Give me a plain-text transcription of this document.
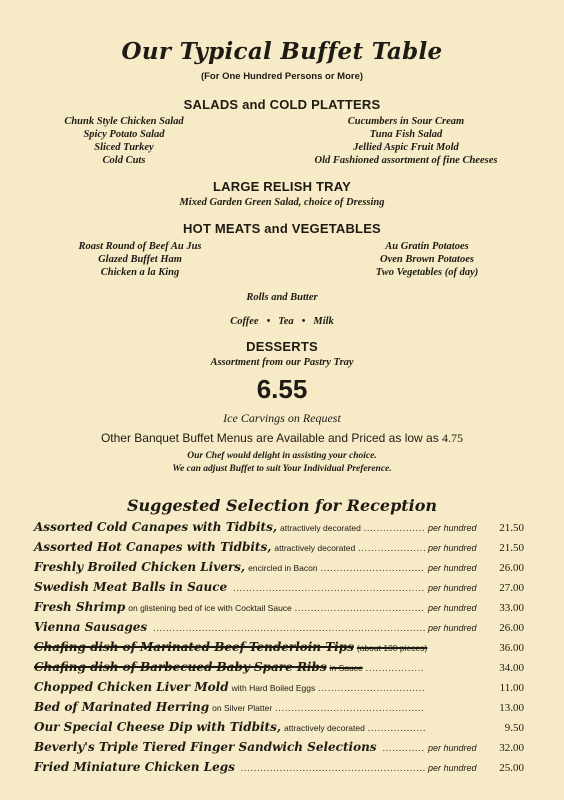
Our Typical Buffet Table
(For One Hundred Persons or More)
SALADS and COLD PLATTERS
Chunk Style Chicken Salad
Spicy Potato Salad
Sliced Turkey
Cold Cuts
Cucumbers in Sour Cream
Tuna Fish Salad
Jellied Aspic Fruit Mold
Old Fashioned assortment of fine Cheeses
LARGE RELISH TRAY
Mixed Garden Green Salad, choice of Dressing
HOT MEATS and VEGETABLES
Roast Round of Beef Au Jus
Glazed Buffet Ham
Chicken a la King
Au Gratin Potatoes
Oven Brown Potatoes
Two Vegetables (of day)
Rolls and Butter
Coffee • Tea • Milk
DESSERTS
Assortment from our Pastry Tray
6.55
Ice Carvings on Request
Other Banquet Buffet Menus are Available and Priced as low as 4.75
Our Chef would delight in assisting your choice.
We can adjust Buffet to suit Your Individual Preference.
Suggested Selection for Reception
Assorted Cold Canapes with Tidbits, attractively decorated .....	per hundred	21.50
Assorted Hot Canapes with Tidbits, attractively decorated .....	per hundred	21.50
Freshly Broiled Chicken Livers, encircled in Bacon .....	per hundred	26.00
Swedish Meat Balls in Sauce .....	per hundred	27.00
Fresh Shrimp on glistening bed of ice with Cocktail Sauce .....	per hundred	33.00
Vienna Sausages .....	per hundred	26.00
Chafing dish of Marinated Beef Tenderloin Tips (about 100 pieces)	36.00
Chafing dish of Barbecued Baby Spare Ribs in Sauce .....	34.00
Chopped Chicken Liver Mold with Hard Boiled Eggs .....	11.00
Bed of Marinated Herring on Silver Platter .....	13.00
Our Special Cheese Dip with Tidbits, attractively decorated .....	9.50
Beverly's Triple Tiered Finger Sandwich Selections .....	per hundred	32.00
Fried Miniature Chicken Legs .....	per hundred	25.00
